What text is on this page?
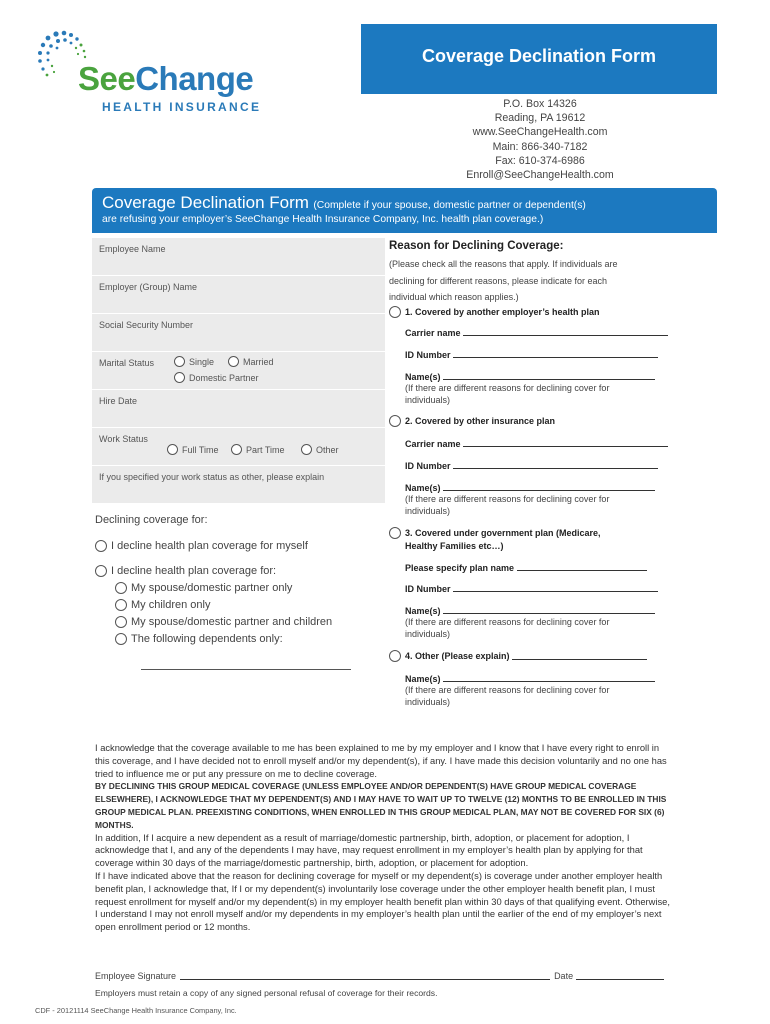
SeeChange
HEALTH INSURANCE
Coverage Declination Form
P.O. Box 14326
Reading, PA 19612
www.SeeChangeHealth.com
Main: 866-340-7182
Fax: 610-374-6986
Enroll@SeeChangeHealth.com
Coverage Declination Form (Complete if your spouse, domestic partner or dependent(s)
are refusing your employer’s SeeChange Health Insurance Company, Inc. health plan coverage.)
Employee Name
Employer (Group) Name
Social Security Number
Marital Status	Single	Married
Domestic Partner
Hire Date
Work Status
Full Time	Part Time	Other
If you specified your work status as other, please explain
Declining coverage for:
I decline health plan coverage for myself
I decline health plan coverage for:
My spouse/domestic partner only
My children only
My spouse/domestic partner and children
The following dependents only:
Reason for Declining Coverage:
(Please check all the reasons that apply. If individuals are
declining for different reasons, please indicate for each
individual which reason applies.)
1. Covered by another employer’s health plan
Carrier name
ID Number
Name(s)
(If there are different reasons for declining cover for
individuals)
2. Covered by other insurance plan
Carrier name
ID Number
Name(s)
(If there are different reasons for declining cover for
individuals)
3. Covered under government plan (Medicare,
Healthy Families etc…)
Please specify plan name
ID Number
Name(s)
(If there are different reasons for declining cover for
individuals)
4. Other (Please explain)
Name(s)
(If there are different reasons for declining cover for
individuals)
I acknowledge that the coverage available to me has been explained to me by my employer and I know that I have every right to enroll in this coverage, and I have decided not to enroll myself and/or my dependent(s), if any. I have made this decision voluntarily and no one has tried to influence me or put any pressure on me to decline coverage.
BY DECLINING THIS GROUP MEDICAL COVERAGE (UNLESS EMPLOYEE AND/OR DEPENDENT(S) HAVE GROUP MEDICAL COVERAGE ELSEWHERE), I ACKNOWLEDGE THAT MY DEPENDENT(S) AND I MAY HAVE TO WAIT UP TO TWELVE (12) MONTHS TO BE ENROLLED IN THIS GROUP MEDICAL PLAN. PREEXISTING CONDITIONS, WHEN ENROLLED IN THIS GROUP MEDICAL PLAN, MAY NOT BE COVERED FOR SIX (6) MONTHS.
In addition, If I acquire a new dependent as a result of marriage/domestic partnership, birth, adoption, or placement for adoption, I acknowledge that I, and any of the dependents I may have, may request enrollment in my employer’s health plan by applying for that coverage within 30 days of the marriage/domestic partnership, birth, adoption, or placement for adoption.
If I have indicated above that the reason for declining coverage for myself or my dependent(s) is coverage under another employer health benefit plan, I acknowledge that, If I or my dependent(s) involuntarily lose coverage under the other employer health benefit plan, I must request enrollment for myself and/or my dependent(s) in my employer health benefit plan within 30 days of that qualifying event. Otherwise, I understand I may not enroll myself and/or my dependents in my employer’s health plan until the earlier of the end of my employer’s next open enrollment period or 12 months.
Employee Signature	Date
Employers must retain a copy of any signed personal refusal of coverage for their records.
CDF - 20121114 SeeChange Health Insurance Company, Inc.
